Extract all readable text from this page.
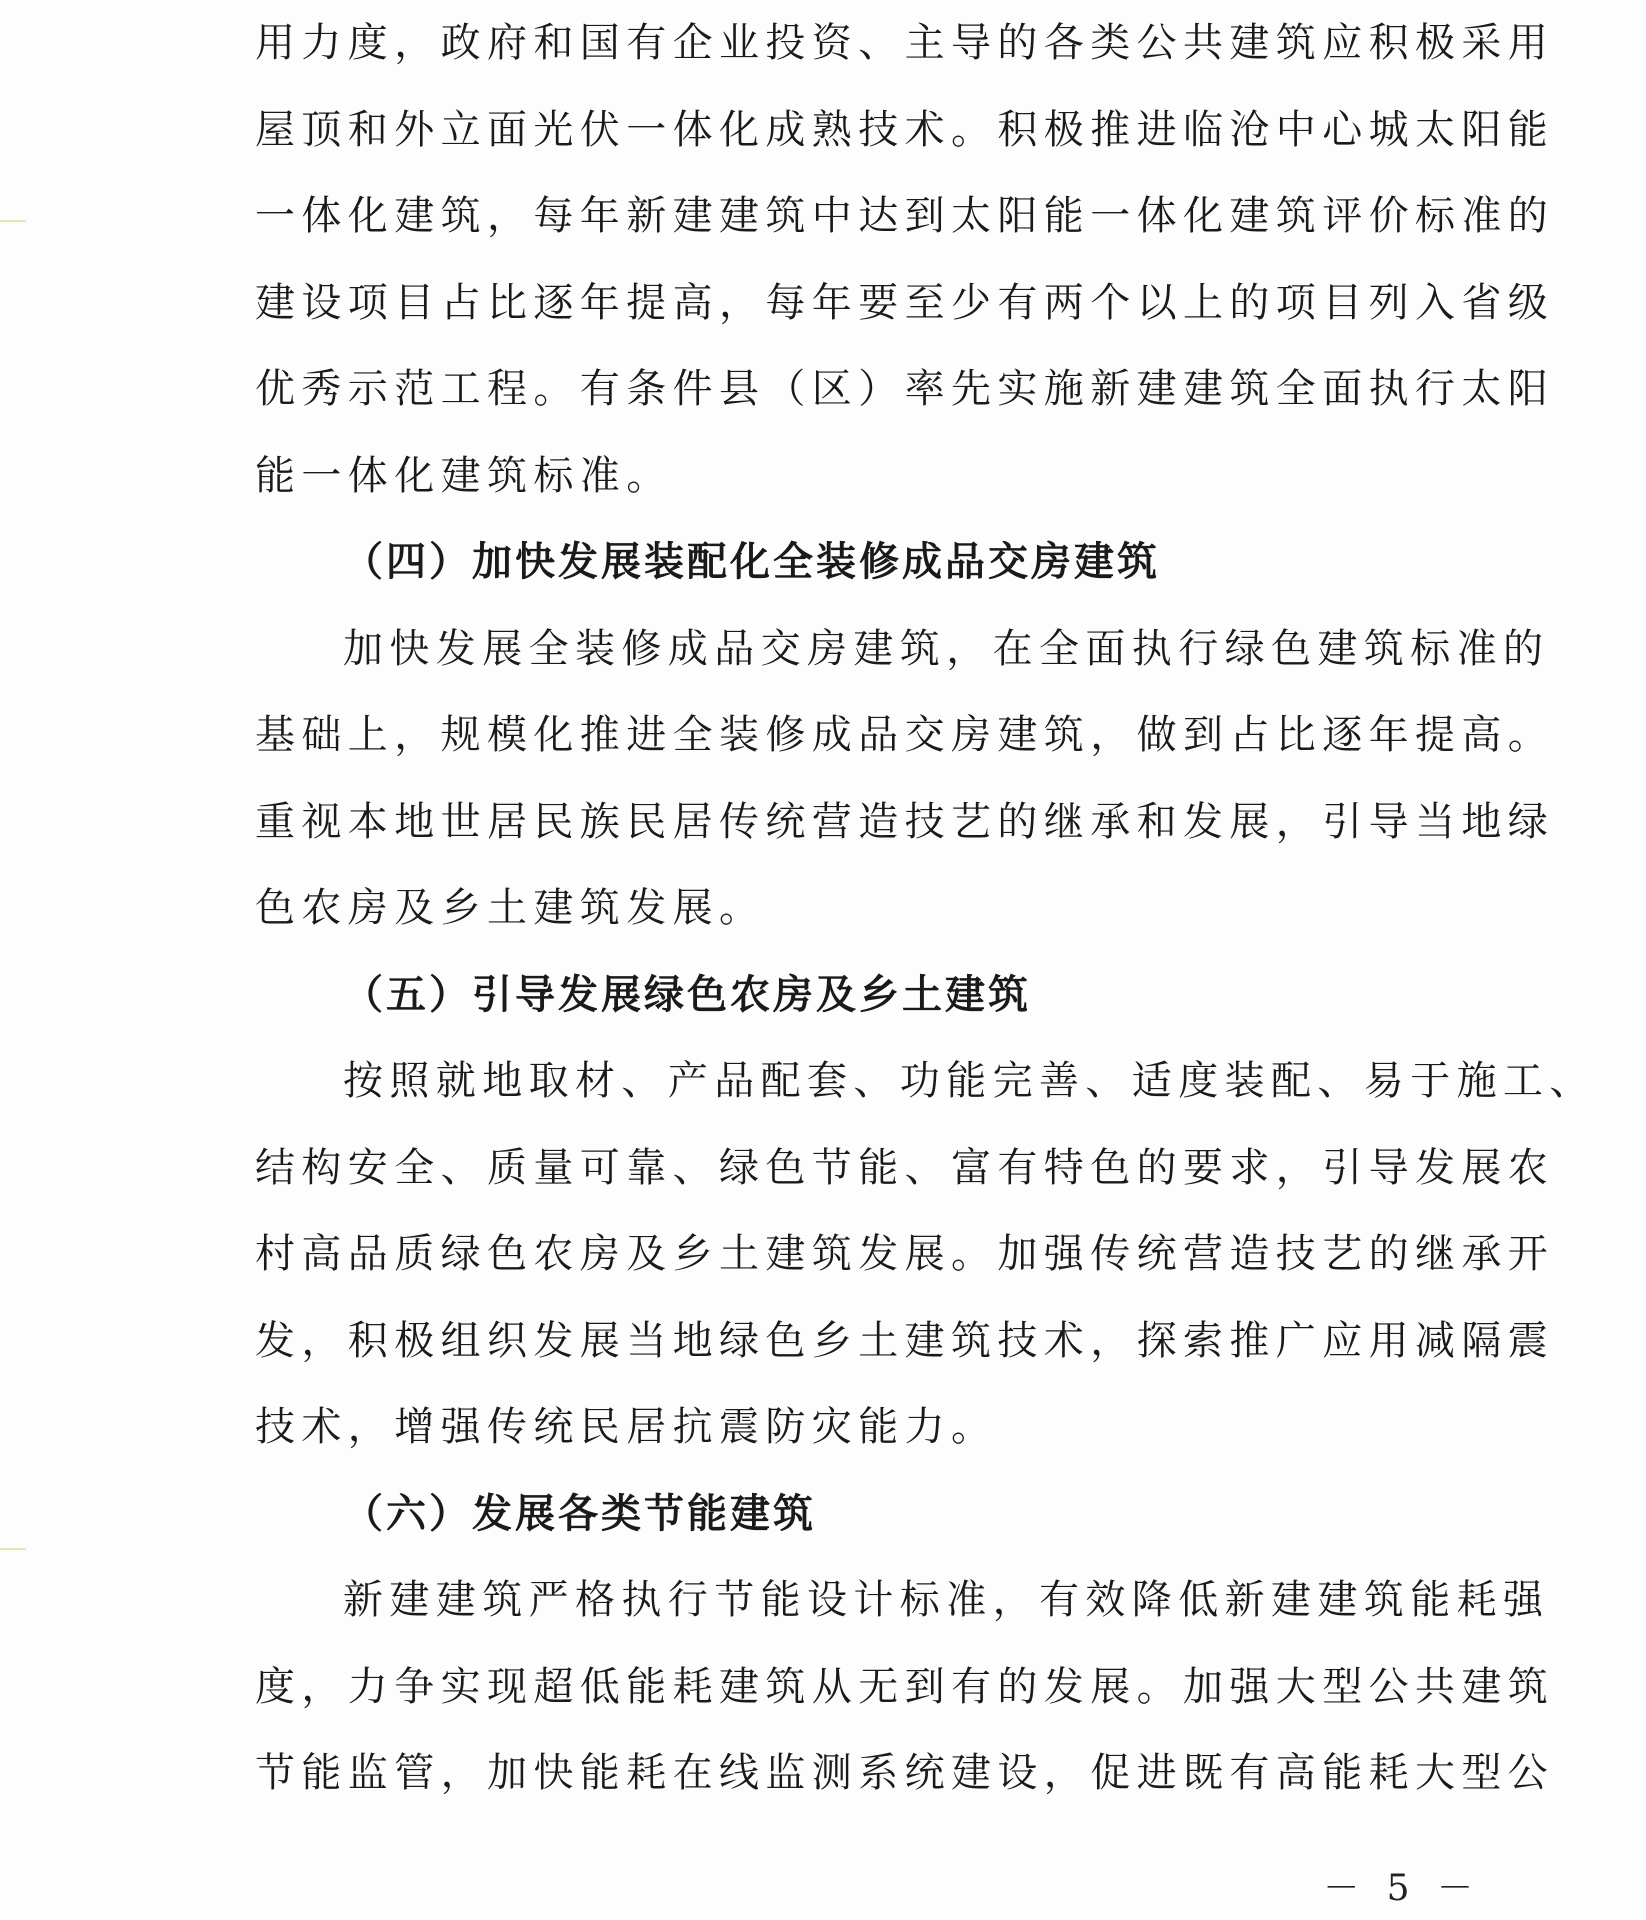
用力度，政府和国有企业投资、主导的各类公共建筑应积极采用
屋顶和外立面光伏一体化成熟技术。积极推进临沧中心城太阳能
一体化建筑，每年新建建筑中达到太阳能一体化建筑评价标准的
建设项目占比逐年提高，每年要至少有两个以上的项目列入省级
优秀示范工程。有条件县（区）率先实施新建建筑全面执行太阳
能一体化建筑标准。
（四）加快发展装配化全装修成品交房建筑
加快发展全装修成品交房建筑，在全面执行绿色建筑标准的
基础上，规模化推进全装修成品交房建筑，做到占比逐年提高。
重视本地世居民族民居传统营造技艺的继承和发展，引导当地绿
色农房及乡土建筑发展。
（五）引导发展绿色农房及乡土建筑
按照就地取材、产品配套、功能完善、适度装配、易于施工、
结构安全、质量可靠、绿色节能、富有特色的要求，引导发展农
村高品质绿色农房及乡土建筑发展。加强传统营造技艺的继承开
发，积极组织发展当地绿色乡土建筑技术，探索推广应用减隔震
技术，增强传统民居抗震防灾能力。
（六）发展各类节能建筑
新建建筑严格执行节能设计标准，有效降低新建建筑能耗强
度，力争实现超低能耗建筑从无到有的发展。加强大型公共建筑
节能监管，加快能耗在线监测系统建设，促进既有高能耗大型公
－ 5 －
